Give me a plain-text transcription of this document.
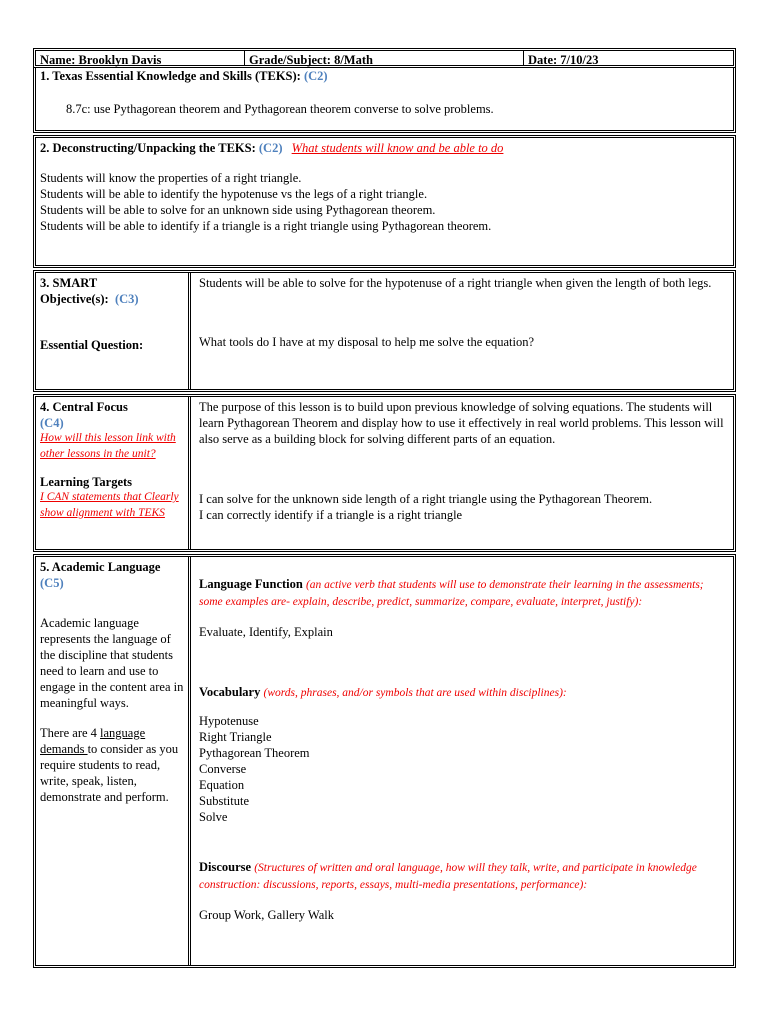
Name: Brooklyn Davis	Grade/Subject: 8/Math	Date: 7/10/23

1. Texas Essential Knowledge and Skills (TEKS): (C2)

8.7c: use Pythagorean theorem and Pythagorean theorem converse to solve problems.

2. Deconstructing/Unpacking the TEKS: (C2) What students will know and be able to do

Students will know the properties of a right triangle.

Students will be able to identify the hypotenuse vs the legs of a right triangle.

Students will be able to solve for an unknown side using Pythagorean theorem.

Students will be able to identify if a triangle is a right triangle using Pythagorean theorem.

3. SMART

Objective(s): (C3)

Essential Question:

Students will be able to solve for the hypotenuse of a right triangle when given the length of both legs.

What tools do I have at my disposal to help me solve the equation?

4. Central Focus

(C4)

How will this lesson link with other lessons in the unit?

Learning Targets

I CAN statements that Clearly show alignment with TEKS

The purpose of this lesson is to build upon previous knowledge of solving equations. The students will learn Pythagorean Theorem and display how to use it effectively in real world problems. This lesson will also serve as a building block for solving different parts of an equation.

I can solve for the unknown side length of a right triangle using the Pythagorean Theorem.

I can correctly identify if a triangle is a right triangle

5. Academic Language

(C5)

Academic language represents the language of the discipline that students need to learn and use to engage in the content area in meaningful ways.

There are 4 language demands to consider as you require students to read, write, speak, listen, demonstrate and perform.

Language Function (an active verb that students will use to demonstrate their learning in the assessments; some examples are- explain, describe, predict, summarize, compare, evaluate, interpret, justify):

Evaluate, Identify, Explain

Vocabulary (words, phrases, and/or symbols that are used within disciplines):

Hypotenuse

Right Triangle

Pythagorean Theorem

Converse

Equation

Substitute

Solve

Discourse (Structures of written and oral language, how will they talk, write, and participate in knowledge construction: discussions, reports, essays, multi-media presentations, performance):

Group Work, Gallery Walk
